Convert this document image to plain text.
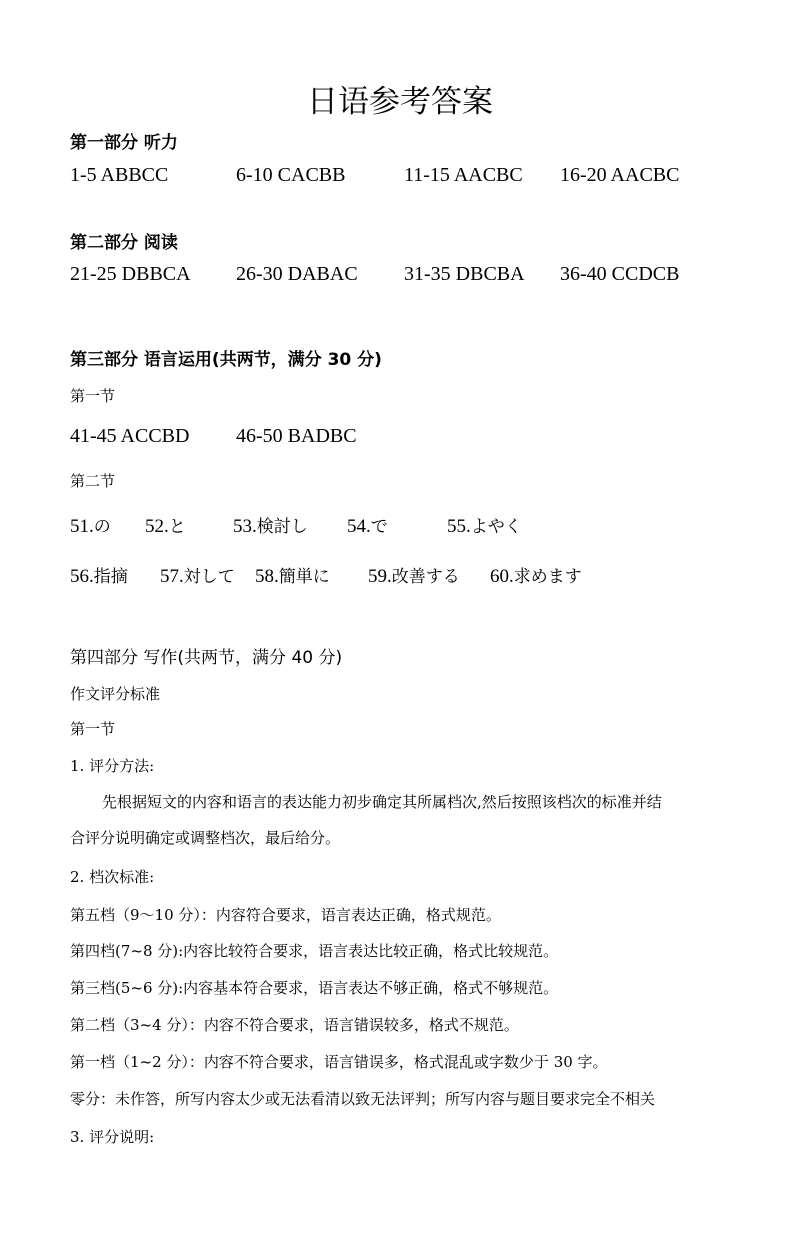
日语参考答案
第一部分 听力
1-5 ABBCC	6-10 CACBB	11-15 AACBC 16-20 AACBC
第二部分 阅读
21-25 DBBCA 26-30 DABAC 31-35 DBCBA 36-40 CCDCB
第三部分 语言运用(共两节，满分 30 分)
第一节
41-45 ACCBD 46-50 BADBC
第二节
51.の 52.と 53.検討し 54.で	55.よやく
56.指摘 57.対して 58.簡単に 59.改善する 60.求めます
第四部分 写作(共两节，满分 40 分)
作文评分标准
第一节
1. 评分方法:
先根据短文的内容和语言的表达能力初步确定其所属档次,然后按照该档次的标准并结
合评分说明确定或调整档次，最后给分。
2. 档次标准:
第五档（9～10 分）：内容符合要求，语言表达正确，格式规范。
第四档(7~8 分):内容比较符合要求，语言表达比较正确，格式比较规范。
第三档(5~6 分):内容基本符合要求，语言表达不够正确，格式不够规范。
第二档（3~4 分）：内容不符合要求，语言错误较多，格式不规范。
第一档（1~2 分）：内容不符合要求，语言错误多，格式混乱或字数少于 30 字。
零分：未作答，所写内容太少或无法看清以致无法评判；所写内容与题目要求完全不相关
3. 评分说明:
